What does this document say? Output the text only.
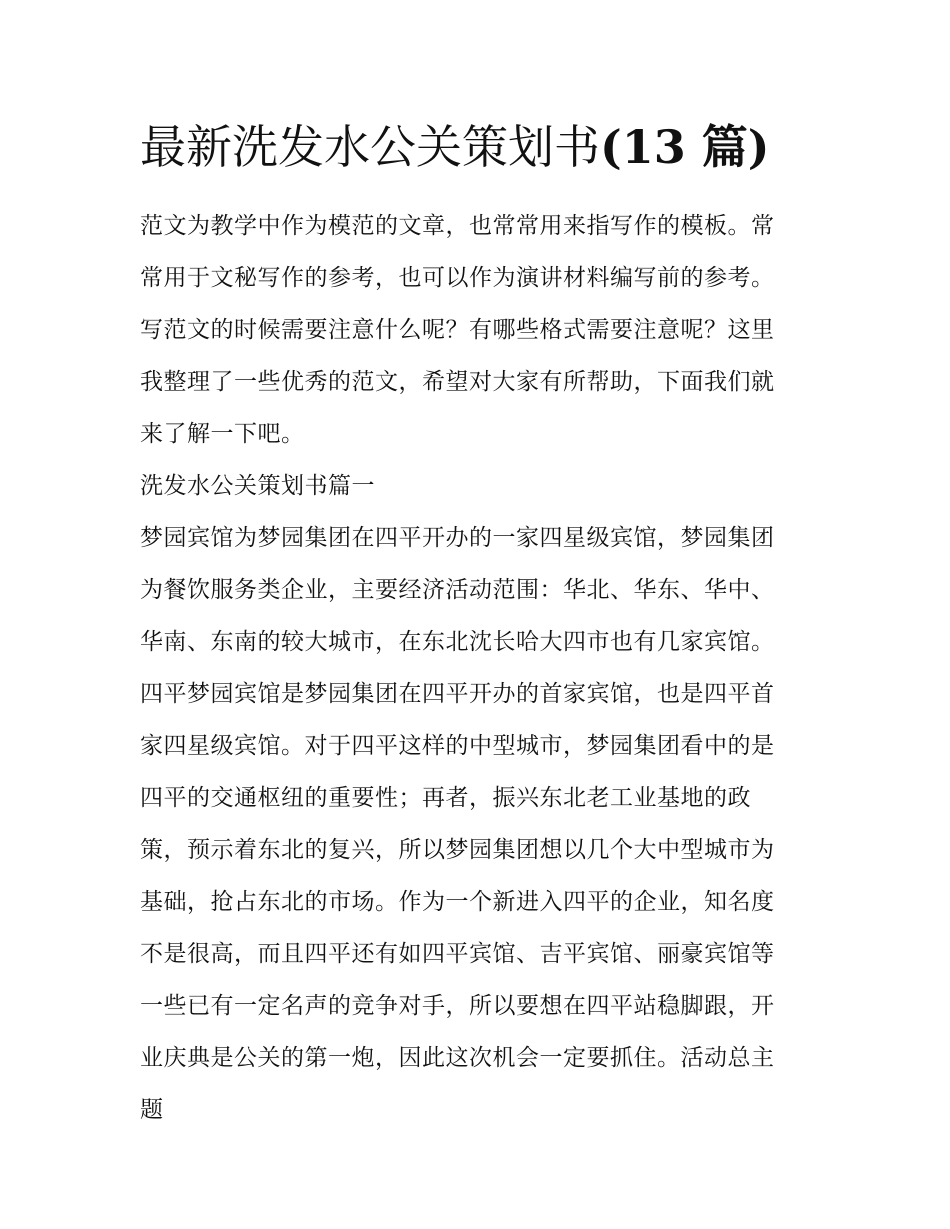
最新洗发水公关策划书(13 篇)

范文为教学中作为模范的文章，也常常用来指写作的模板。常

常用于文秘写作的参考，也可以作为演讲材料编写前的参考。

写范文的时候需要注意什么呢？有哪些格式需要注意呢？这里

我整理了一些优秀的范文，希望对大家有所帮助，下面我们就

来了解一下吧。

洗发水公关策划书篇一

梦园宾馆为梦园集团在四平开办的一家四星级宾馆，梦园集团

为餐饮服务类企业，主要经济活动范围：华北、华东、华中、

华南、东南的较大城市，在东北沈长哈大四市也有几家宾馆。

四平梦园宾馆是梦园集团在四平开办的首家宾馆，也是四平首

家四星级宾馆。对于四平这样的中型城市，梦园集团看中的是

四平的交通枢纽的重要性；再者，振兴东北老工业基地的政

策，预示着东北的复兴，所以梦园集团想以几个大中型城市为

基础，抢占东北的市场。作为一个新进入四平的企业，知名度

不是很高，而且四平还有如四平宾馆、吉平宾馆、丽豪宾馆等

一些已有一定名声的竞争对手，所以要想在四平站稳脚跟，开

业庆典是公关的第一炮，因此这次机会一定要抓住。活动总主

题
